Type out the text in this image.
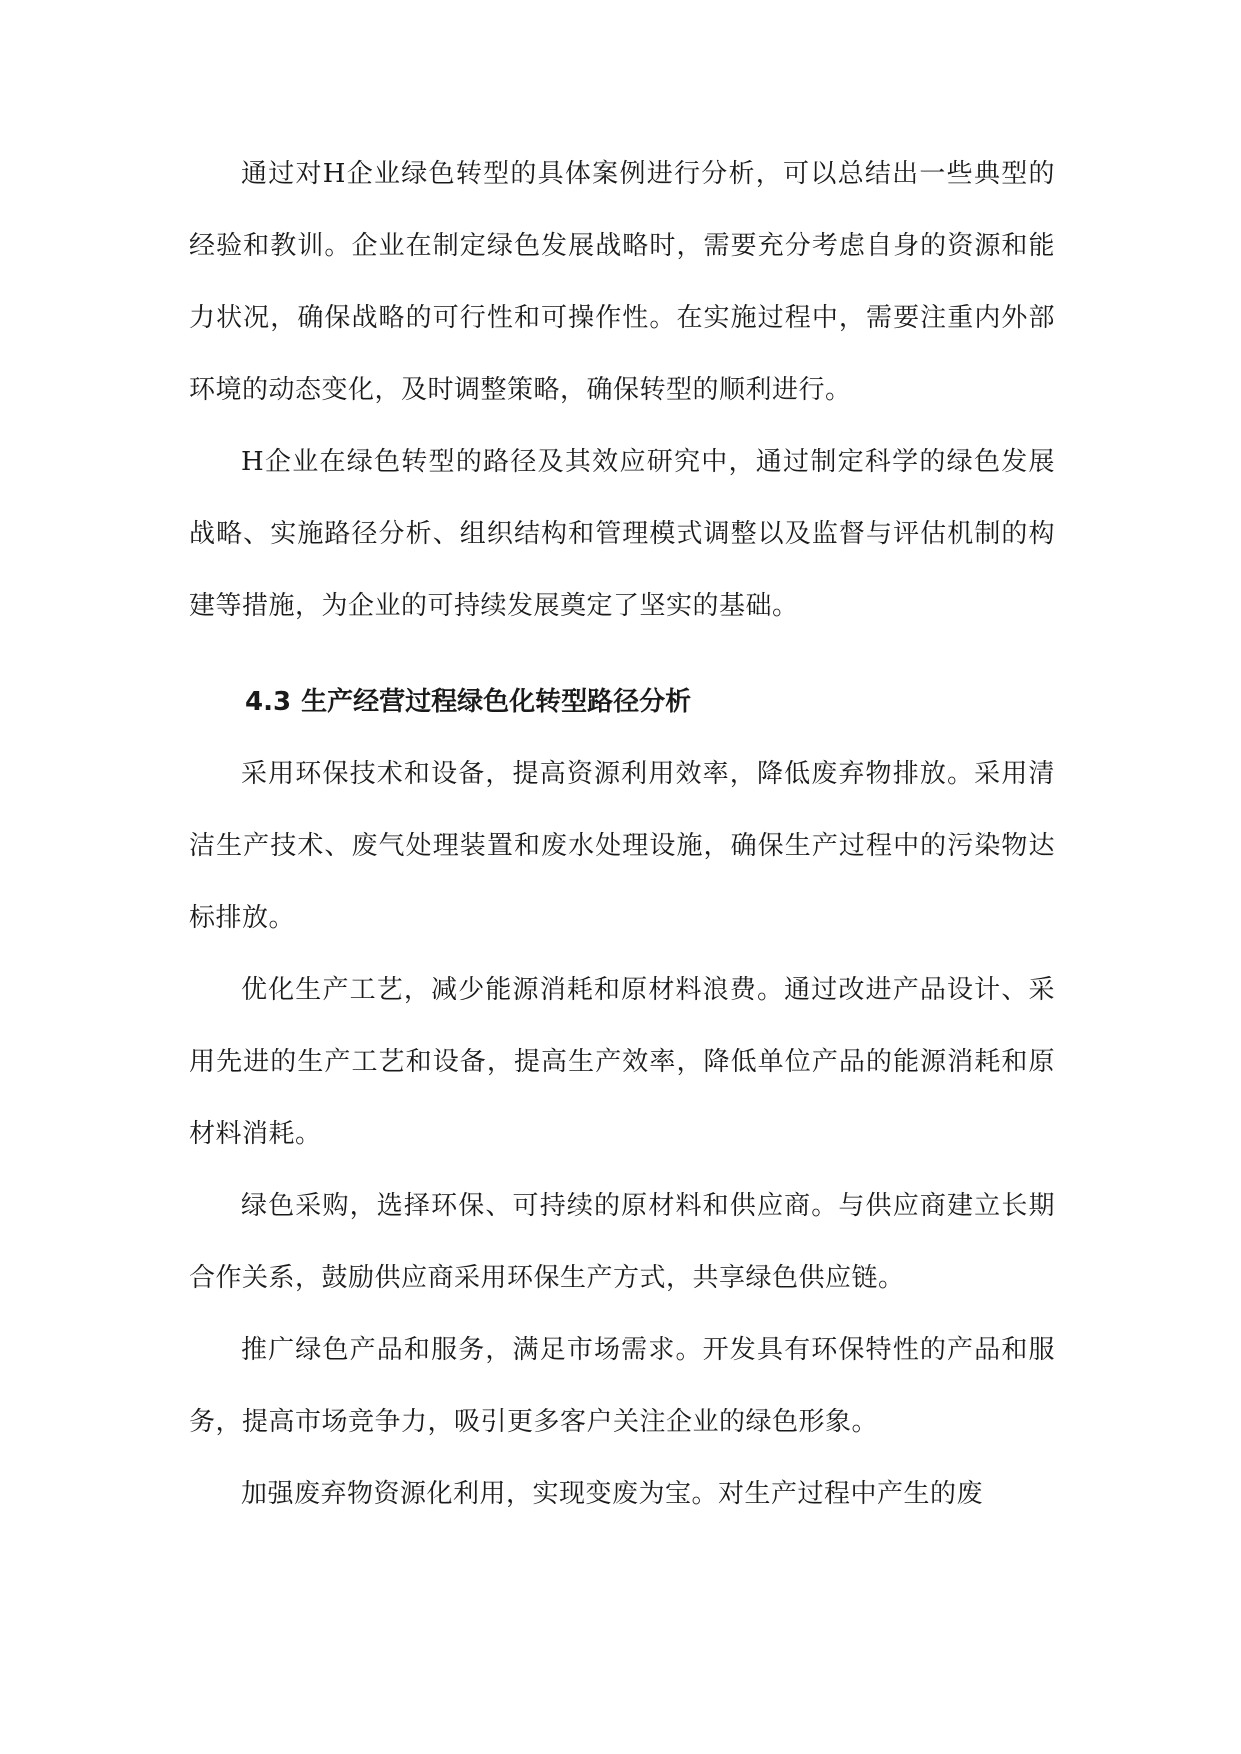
通过对H企业绿色转型的具体案例进行分析，可以总结出一些典型的经验和教训。企业在制定绿色发展战略时，需要充分考虑自身的资源和能力状况，确保战略的可行性和可操作性。在实施过程中，需要注重内外部环境的动态变化，及时调整策略，确保转型的顺利进行。

H企业在绿色转型的路径及其效应研究中，通过制定科学的绿色发展战略、实施路径分析、组织结构和管理模式调整以及监督与评估机制的构建等措施，为企业的可持续发展奠定了坚实的基础。

4.3 生产经营过程绿色化转型路径分析

采用环保技术和设备，提高资源利用效率，降低废弃物排放。采用清洁生产技术、废气处理装置和废水处理设施，确保生产过程中的污染物达标排放。

优化生产工艺，减少能源消耗和原材料浪费。通过改进产品设计、采用先进的生产工艺和设备，提高生产效率，降低单位产品的能源消耗和原材料消耗。

绿色采购，选择环保、可持续的原材料和供应商。与供应商建立长期合作关系，鼓励供应商采用环保生产方式，共享绿色供应链。

推广绿色产品和服务，满足市场需求。开发具有环保特性的产品和服务，提高市场竞争力，吸引更多客户关注企业的绿色形象。

加强废弃物资源化利用，实现变废为宝。对生产过程中产生的废
